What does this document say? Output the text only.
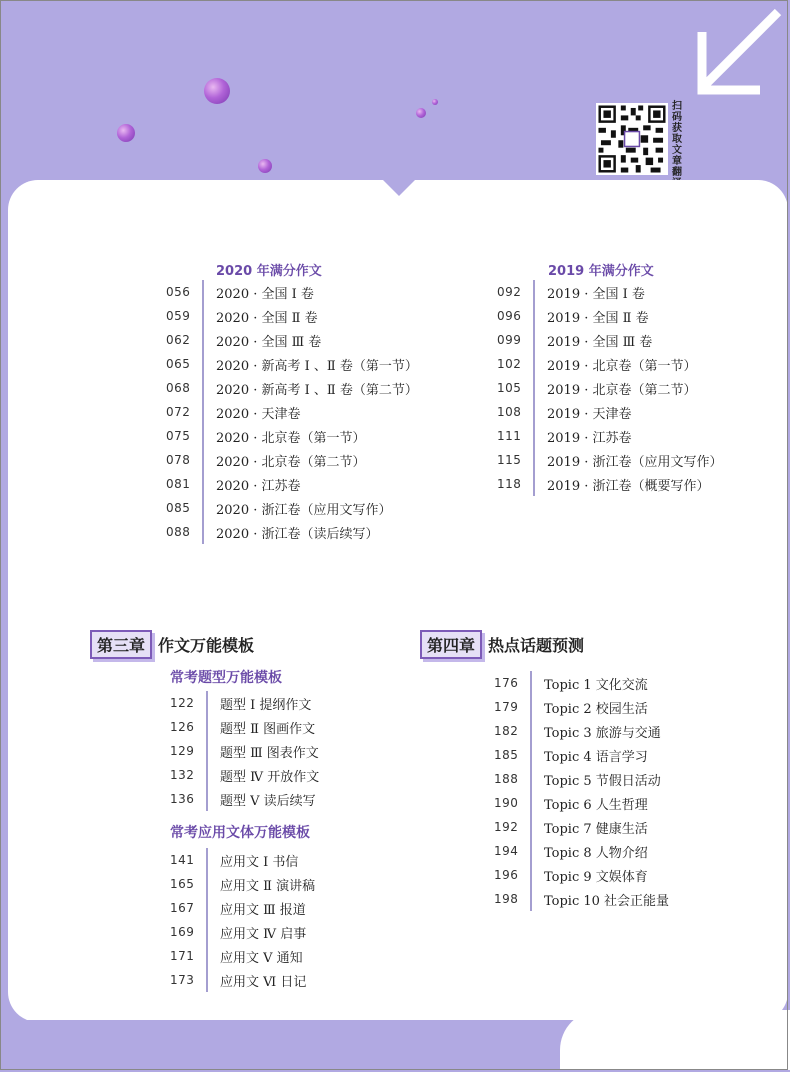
扫码获取文章翻
2020 年满分作文
056	2020 · 全国 Ⅰ 卷
059	2020 · 全国 Ⅱ 卷
062	2020 · 全国 Ⅲ 卷
065	2020 · 新高考 Ⅰ 、Ⅱ 卷（第一节）
068	2020 · 新高考 Ⅰ 、Ⅱ 卷（第二节）
072	2020 · 天津卷
075	2020 · 北京卷（第一节）
078	2020 · 北京卷（第二节）
081	2020 · 江苏卷
085	2020 · 浙江卷（应用文写作）
088	2020 · 浙江卷（读后续写）
2019 年满分作文
092	2019 · 全国 Ⅰ 卷
096	2019 · 全国 Ⅱ 卷
099	2019 · 全国 Ⅲ 卷
102	2019 · 北京卷（第一节）
105	2019 · 北京卷（第二节）
108	2019 · 天津卷
111	2019 · 江苏卷
115	2019 · 浙江卷（应用文写作）
118	2019 · 浙江卷（概要写作）
第三章 作文万能模板
常考题型万能模板
122	题型 Ⅰ 提纲作文
126	题型 Ⅱ 图画作文
129	题型 Ⅲ 图表作文
132	题型 Ⅳ 开放作文
136	题型 Ⅴ 读后续写
常考应用文体万能模板
141	应用文 Ⅰ 书信
165	应用文 Ⅱ 演讲稿
167	应用文 Ⅲ 报道
169	应用文 Ⅳ 启事
171	应用文 Ⅴ 通知
173	应用文 Ⅵ 日记
第四章 热点话题预测
176	Topic 1 文化交流
179	Topic 2 校园生活
182	Topic 3 旅游与交通
185	Topic 4 语言学习
188	Topic 5 节假日活动
190	Topic 6 人生哲理
192	Topic 7 健康生活
194	Topic 8 人物介绍
196	Topic 9 文娱体育
198	Topic 10 社会正能量
